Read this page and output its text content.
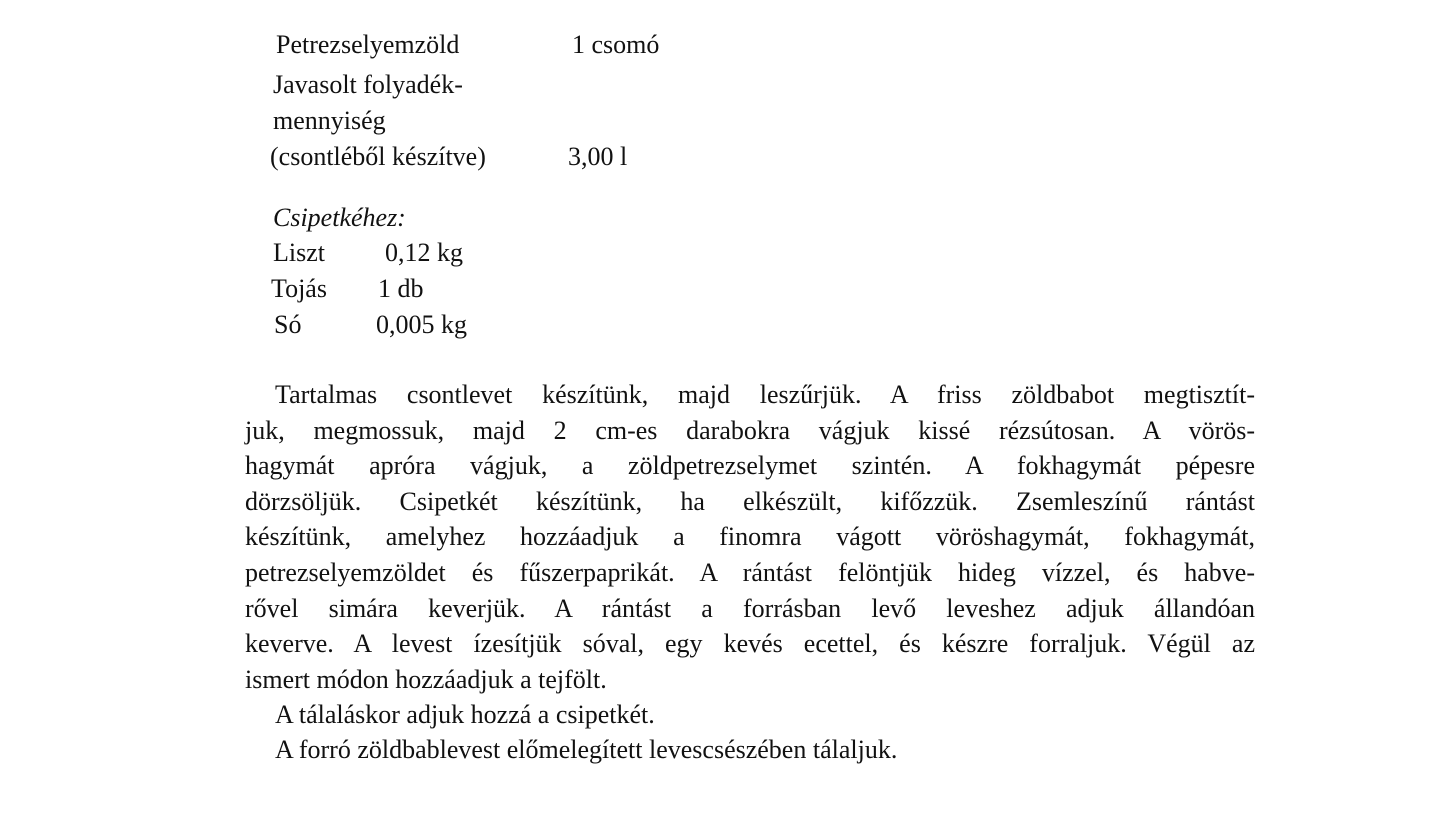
Petrezselyemzöld	1 csomó
Javasolt folyadék-
mennyiség
(csontléből készítve)	3,00 l
Csipetkéhez:
Liszt 0,12 kg
Tojás 1 db
Só	0,005 kg

Tartalmas csontlevet készítünk, majd leszűrjük. A friss zöldbabot megtisztít-

juk, megmossuk, majd 2 cm-es darabokra vágjuk kissé rézsútosan. A vörös-

hagymát apróra vágjuk, a zöldpetrezselymet szintén. A fokhagymát pépesre

dörzsöljük. Csipetkét készítünk, ha elkészült, kifőzzük. Zsemleszínű rántást

készítünk, amelyhez hozzáadjuk a finomra vágott vöröshagymát, fokhagymát,

petrezselyemzöldet és fűszerpaprikát. A rántást felöntjük hideg vízzel, és habve-

rővel simára keverjük. A rántást a forrásban levő leveshez adjuk állandóan

keverve. A levest ízesítjük sóval, egy kevés ecettel, és készre forraljuk. Végül az

ismert módon hozzáadjuk a tejfölt.

A tálaláskor adjuk hozzá a csipetkét.
A forró zöldbablevest előmelegített levescsészében tálaljuk.
